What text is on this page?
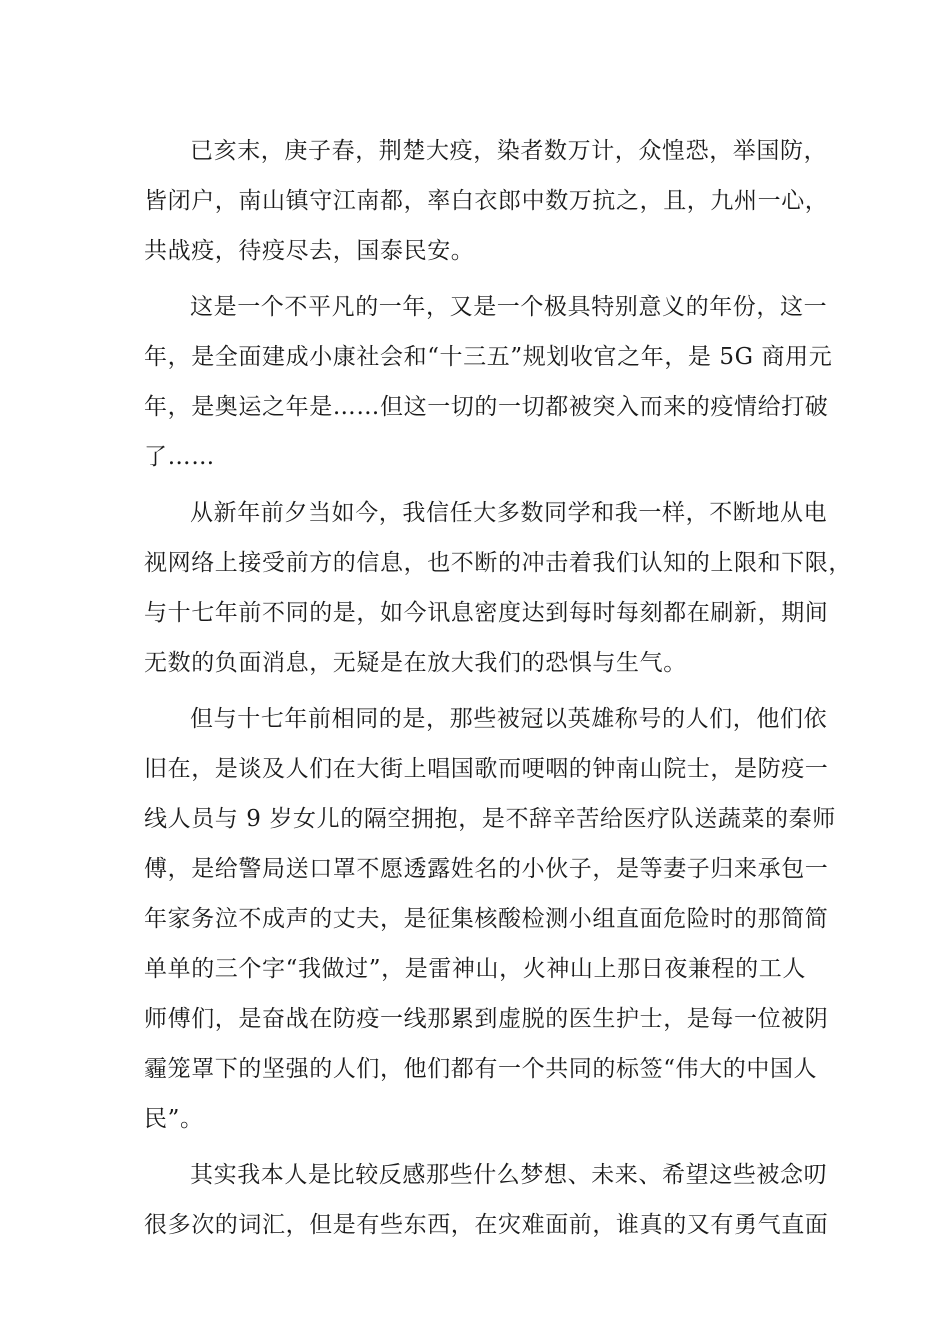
已亥末，庚子春，荆楚大疫，染者数万计，众惶恐，举国防，
皆闭户，南山镇守江南都，率白衣郎中数万抗之，且，九州一心，
共战疫，待疫尽去，国泰民安。

这是一个不平凡的一年，又是一个极具特别意义的年份，这一
年，是全面建成小康社会和“十三五”规划收官之年，是 5G 商用元
年，是奥运之年是……但这一切的一切都被突入而来的疫情给打破
了……

从新年前夕当如今，我信任大多数同学和我一样，不断地从电
视网络上接受前方的信息，也不断的冲击着我们认知的上限和下限，
与十七年前不同的是，如今讯息密度达到每时每刻都在刷新，期间
无数的负面消息，无疑是在放大我们的恐惧与生气。

但与十七年前相同的是，那些被冠以英雄称号的人们，他们依
旧在，是谈及人们在大街上唱国歌而哽咽的钟南山院士，是防疫一
线人员与 9 岁女儿的隔空拥抱，是不辞辛苦给医疗队送蔬菜的秦师
傅，是给警局送口罩不愿透露姓名的小伙子，是等妻子归来承包一
年家务泣不成声的丈夫，是征集核酸检测小组直面危险时的那简简
单单的三个字“我做过”，是雷神山，火神山上那日夜兼程的工人
师傅们，是奋战在防疫一线那累到虚脱的医生护士，是每一位被阴
霾笼罩下的坚强的人们，他们都有一个共同的标签“伟大的中国人
民”。

其实我本人是比较反感那些什么梦想、未来、希望这些被念叨
很多次的词汇，但是有些东西，在灾难面前，谁真的又有勇气直面
